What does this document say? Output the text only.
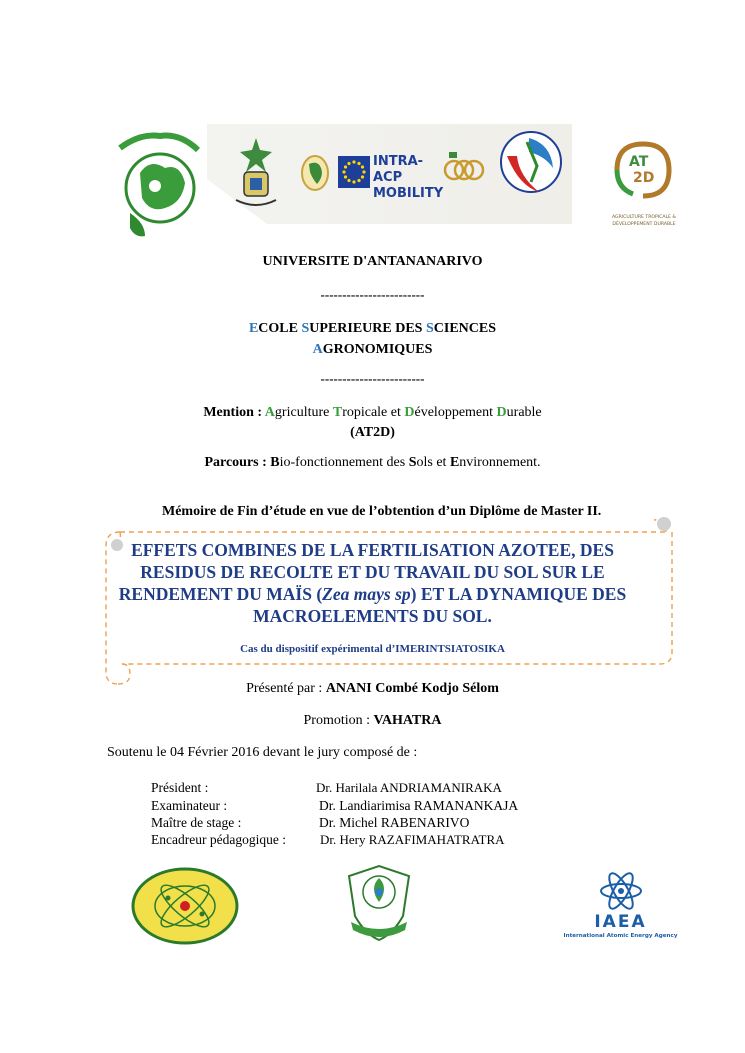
INTRA-ACP
MOBILITY
AT
2D
AGRICULTURE TROPICALE &
DÉVELOPPEMENT DURABLE
UNIVERSITE D'ANTANANARIVO
------------------------
ECOLE SUPERIEURE DES SCIENCES
AGRONOMIQUES
------------------------
Mention : Agriculture Tropicale et Développement Durable
(AT2D)
Parcours : Bio-fonctionnement des Sols et Environnement.
Mémoire de Fin d’étude en vue de l’obtention d’un Diplôme de Master II.
EFFETS COMBINES DE LA FERTILISATION AZOTEE, DES
RESIDUS DE RECOLTE ET DU TRAVAIL DU SOL SUR LE
RENDEMENT DU MAÏS (Zea mays sp) ET LA DYNAMIQUE DES
MACROELEMENTS DU SOL.
Cas du dispositif expérimental d’IMERINTSIATOSIKA
Présenté par : ANANI Combé Kodjo Sélom
Promotion : VAHATRA
Soutenu le 04 Février 2016 devant le jury composé de :
Président :	Dr. Harilala ANDRIAMANIRAKA
Examinateur :	Dr. Landiarimisa RAMANANKAJA
Maître de stage :	Dr. Michel RABENARIVO
Encadreur pédagogique :	Dr. Hery RAZAFIMAHATRATRA
IAEA
International Atomic Energy Agency
